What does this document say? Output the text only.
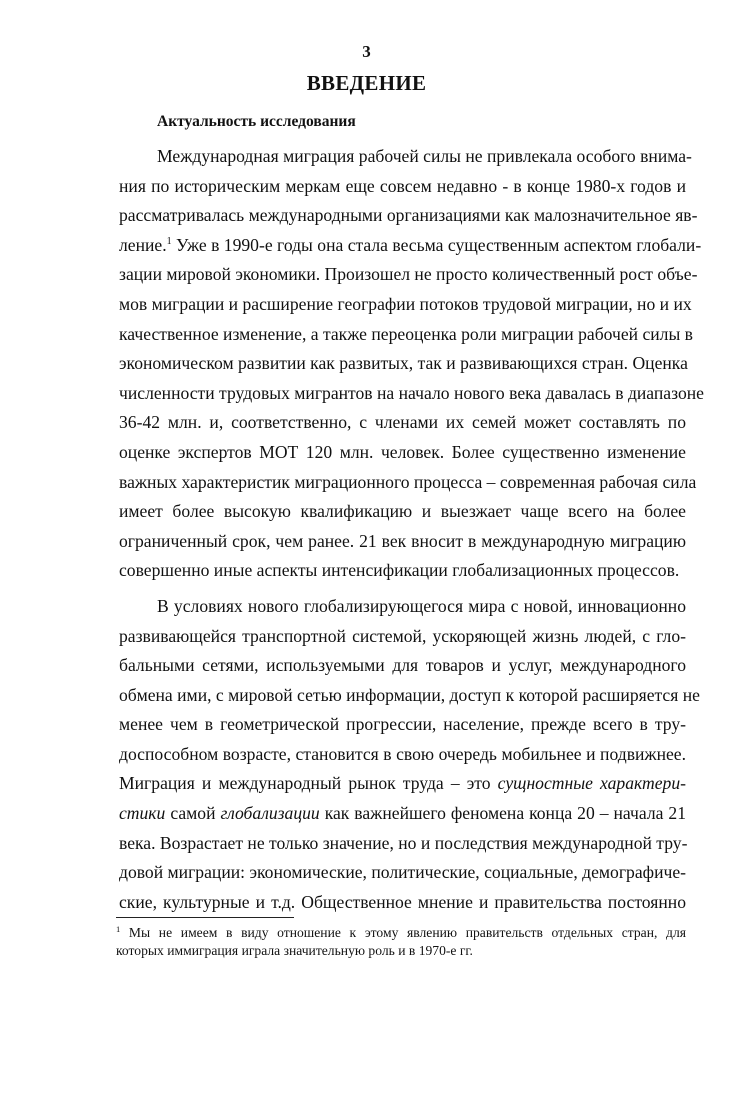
3
ВВЕДЕНИЕ
Актуальность исследования
Международная миграция рабочей силы не привлекала особого внима-
ния по историческим меркам еще совсем недавно - в конце 1980-х годов и
рассматривалась международными организациями как малозначительное яв-
ление.$^1$ Уже в 1990-е годы она стала весьма существенным аспектом глобали-
зации мировой экономики. Произошел не просто количественный рост объе-
мов миграции и расширение географии потоков трудовой миграции, но и их
качественное изменение, а также переоценка роли миграции рабочей силы в
экономическом развитии как развитых, так и развивающихся стран. Оценка
численности трудовых мигрантов на начало нового века давалась в диапазоне
36-42 млн. и, соответственно, с членами их семей может составлять по
оценке экспертов МОТ 120 млн. человек. Более существенно изменение
важных характеристик миграционного процесса – современная рабочая сила
имеет более высокую квалификацию и выезжает чаще всего на более
ограниченный срок, чем ранее. 21 век вносит в международную миграцию
совершенно иные аспекты интенсификации глобализационных процессов.
В условиях нового глобализирующегося мира с новой, инновационно
развивающейся транспортной системой, ускоряющей жизнь людей, с гло-
бальными сетями, используемыми для товаров и услуг, международного
обмена ими, с мировой сетью информации, доступ к которой расширяется не
менее чем в геометрической прогрессии, население, прежде всего в тру-
доспособном возрасте, становится в свою очередь мобильнее и подвижнее.
Миграция и международный рынок труда – это сущностные характери-
стики самой глобализации как важнейшего феномена конца 20 – начала 21
века. Возрастает не только значение, но и последствия международной тру-
довой миграции: экономические, политические, социальные, демографиче-
ские, культурные и т.д. Общественное мнение и правительства постоянно
$^1$ Мы не имеем в виду отношение к этому явлению правительств отдельных стран, для
которых иммиграция играла значительную роль и в 1970-е гг.
